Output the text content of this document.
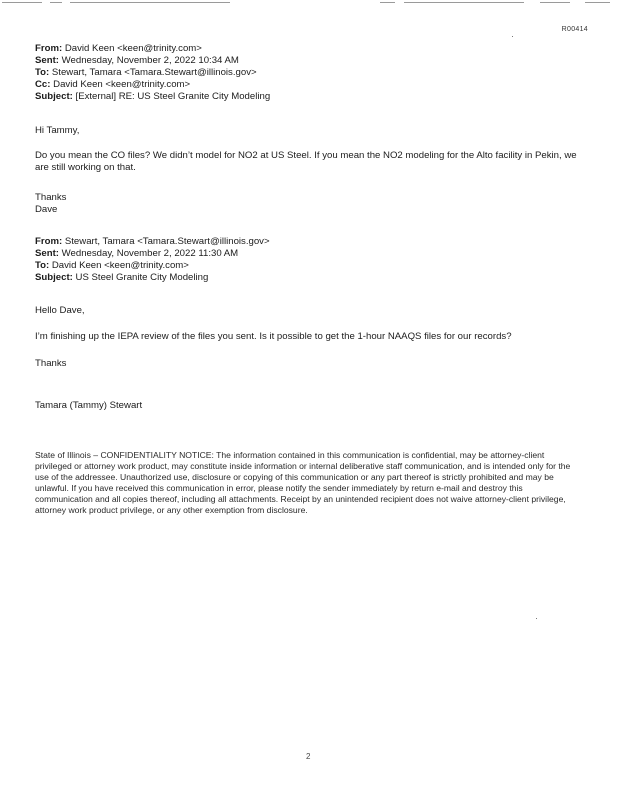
R00414
From: David Keen <keen@trinity.com>
Sent: Wednesday, November 2, 2022 10:34 AM
To: Stewart, Tamara <Tamara.Stewart@illinois.gov>
Cc: David Keen <keen@trinity.com>
Subject: [External] RE: US Steel Granite City Modeling
Hi Tammy,

Do you mean the CO files? We didn’t model for NO2 at US Steel. If you mean the NO2 modeling for the Alto facility in Pekin, we are still working on that.

Thanks
Dave
From: Stewart, Tamara <Tamara.Stewart@illinois.gov>
Sent: Wednesday, November 2, 2022 11:30 AM
To: David Keen <keen@trinity.com>
Subject: US Steel Granite City Modeling
Hello Dave,

I’m finishing up the IEPA review of the files you sent. Is it possible to get the 1-hour NAAQS files for our records?

Thanks
Tamara (Tammy) Stewart

State of Illinois – CONFIDENTIALITY NOTICE: The information contained in this communication is confidential, may be attorney-client privileged or attorney work product, may constitute inside information or internal deliberative staff communication, and is intended only for the use of the addressee. Unauthorized use, disclosure or copying of this communication or any part thereof is strictly prohibited and may be unlawful. If you have received this communication in error, please notify the sender immediately by return e-mail and destroy this communication and all copies thereof, including all attachments. Receipt by an unintended recipient does not waive attorney-client privilege, attorney work product privilege, or any other exemption from disclosure.

2
